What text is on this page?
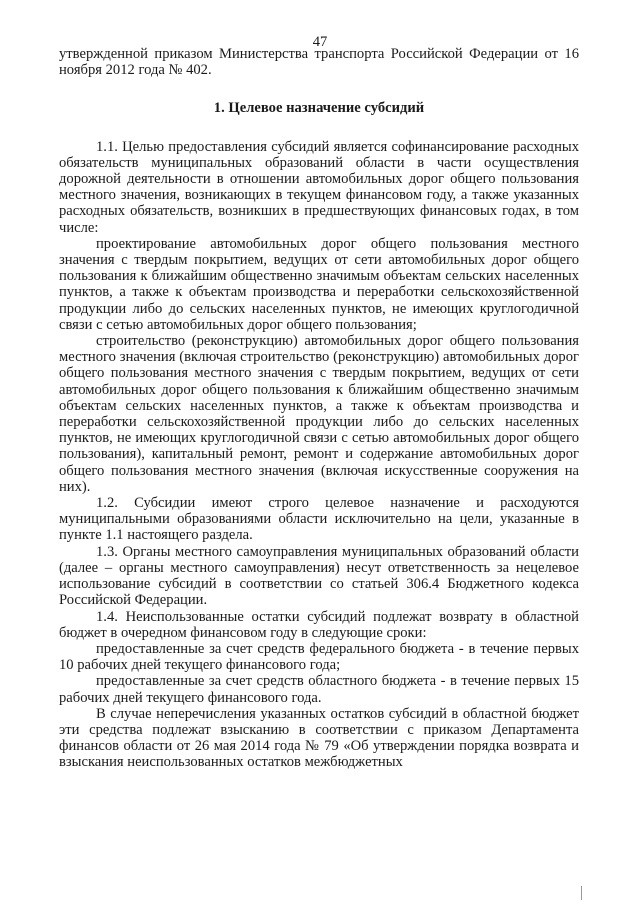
47

утвержденной приказом Министерства транспорта Российской Федерации от 16 ноября 2012 года № 402.

1. Целевое назначение субсидий

1.1. Целью предоставления субсидий является софинансирование расходных обязательств муниципальных образований области в части осуществления дорожной деятельности в отношении автомобильных дорог общего пользования местного значения, возникающих в текущем финансовом году, а также указанных расходных обязательств, возникших в предшествующих финансовых годах, в том числе:

проектирование автомобильных дорог общего пользования местного значения с твердым покрытием, ведущих от сети автомобильных дорог общего пользования к ближайшим общественно значимым объектам сельских населенных пунктов, а также к объектам производства и переработки сельскохозяйственной продукции либо до сельских населенных пунктов, не имеющих круглогодичной связи с сетью автомобильных дорог общего пользования;

строительство (реконструкцию) автомобильных дорог общего пользования местного значения (включая строительство (реконструкцию) автомобильных дорог общего пользования местного значения с твердым покрытием, ведущих от сети автомобильных дорог общего пользования к ближайшим общественно значимым объектам сельских населенных пунктов, а также к объектам производства и переработки сельскохозяйственной продукции либо до сельских населенных пунктов, не имеющих круглогодичной связи с сетью автомобильных дорог общего пользования), капитальный ремонт, ремонт и содержание автомобильных дорог общего пользования местного значения (включая искусственные сооружения на них).

1.2. Субсидии имеют строго целевое назначение и расходуются муниципальными образованиями области исключительно на цели, указанные в пункте 1.1 настоящего раздела.

1.3. Органы местного самоуправления муниципальных образований области (далее – органы местного самоуправления) несут ответственность за нецелевое использование субсидий в соответствии со статьей 306.4 Бюджетного кодекса Российской Федерации.

1.4. Неиспользованные остатки субсидий подлежат возврату в областной бюджет в очередном финансовом году в следующие сроки:

предоставленные за счет средств федерального бюджета - в течение первых 10 рабочих дней текущего финансового года;

предоставленные за счет средств областного бюджета - в течение первых 15 рабочих дней текущего финансового года.

В случае неперечисления указанных остатков субсидий в областной бюджет эти средства подлежат взысканию в соответствии с приказом Департамента финансов области от 26 мая 2014 года № 79 «Об утверждении порядка возврата и взыскания неиспользованных остатков межбюджетных
